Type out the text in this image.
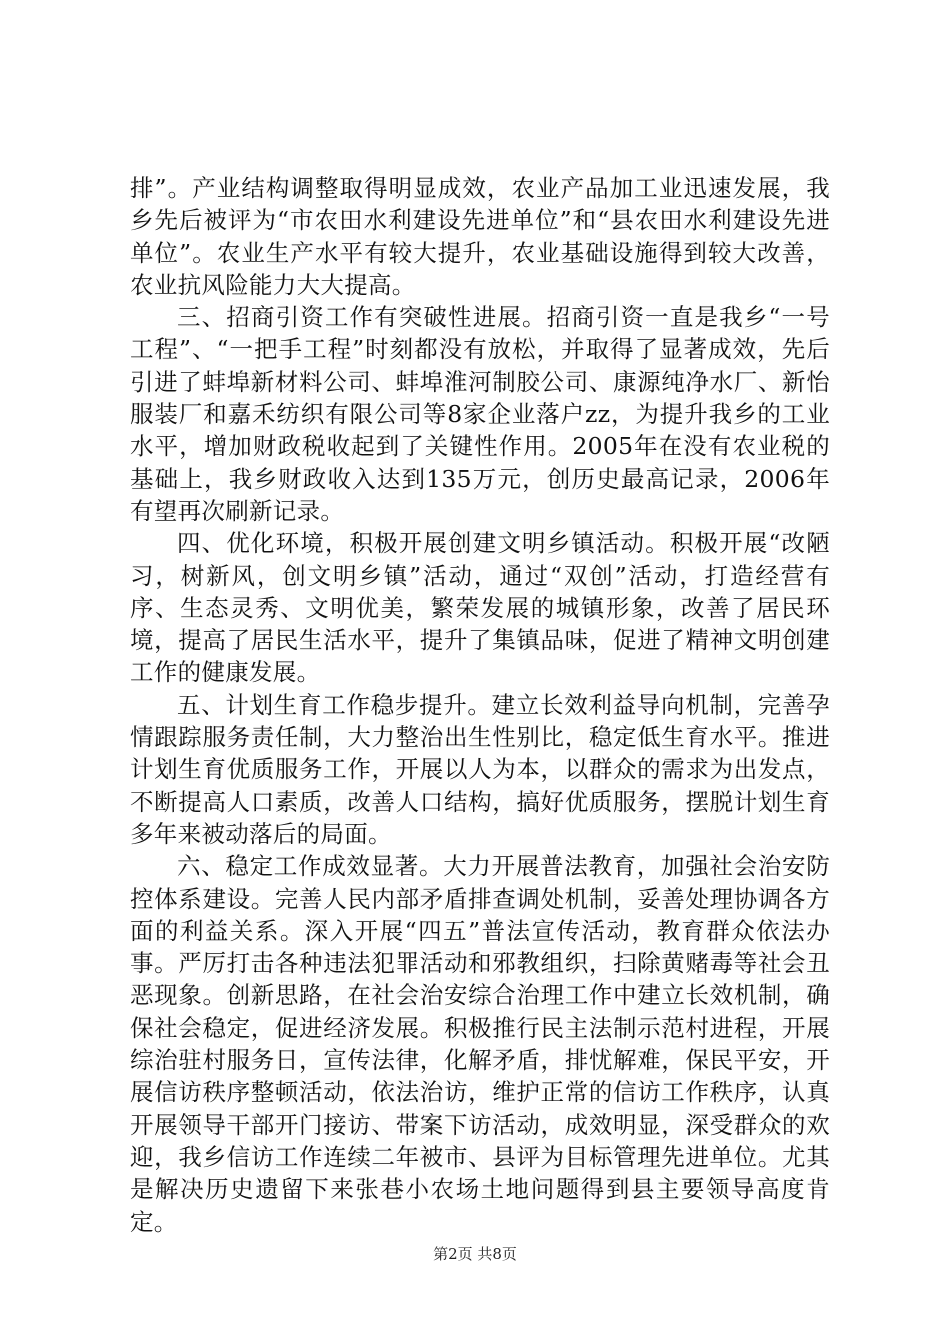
排”。产业结构调整取得明显成效，农业产品加工业迅速发展，我乡先后被评为“市农田水利建设先进单位”和“县农田水利建设先进单位”。农业生产水平有较大提升，农业基础设施得到较大改善，农业抗风险能力大大提高。

三、招商引资工作有突破性进展。招商引资一直是我乡“一号工程”、“一把手工程”时刻都没有放松，并取得了显著成效，先后引进了蚌埠新材料公司、蚌埠淮河制胶公司、康源纯净水厂、新怡服装厂和嘉禾纺织有限公司等8家企业落户zz，为提升我乡的工业水平，增加财政税收起到了关键性作用。2005年在没有农业税的基础上，我乡财政收入达到135万元，创历史最高记录，2006年有望再次刷新记录。

四、优化环境，积极开展创建文明乡镇活动。积极开展“改陋习，树新风，创文明乡镇”活动，通过“双创”活动，打造经营有序、生态灵秀、文明优美，繁荣发展的城镇形象，改善了居民环境，提高了居民生活水平，提升了集镇品味，促进了精神文明创建工作的健康发展。

五、计划生育工作稳步提升。建立长效利益导向机制，完善孕情跟踪服务责任制，大力整治出生性别比，稳定低生育水平。推进计划生育优质服务工作，开展以人为本，以群众的需求为出发点，不断提高人口素质，改善人口结构，搞好优质服务，摆脱计划生育多年来被动落后的局面。

六、稳定工作成效显著。大力开展普法教育，加强社会治安防控体系建设。完善人民内部矛盾排查调处机制，妥善处理协调各方面的利益关系。深入开展“四五”普法宣传活动，教育群众依法办事。严厉打击各种违法犯罪活动和邪教组织，扫除黄赌毒等社会丑恶现象。创新思路，在社会治安综合治理工作中建立长效机制，确保社会稳定，促进经济发展。积极推行民主法制示范村进程，开展综治驻村服务日，宣传法律，化解矛盾，排忧解难，保民平安，开展信访秩序整顿活动，依法治访，维护正常的信访工作秩序，认真开展领导干部开门接访、带案下访活动，成效明显，深受群众的欢迎，我乡信访工作连续二年被市、县评为目标管理先进单位。尤其是解决历史遗留下来张巷小农场土地问题得到县主要领导高度肯定。

第2页 共8页
